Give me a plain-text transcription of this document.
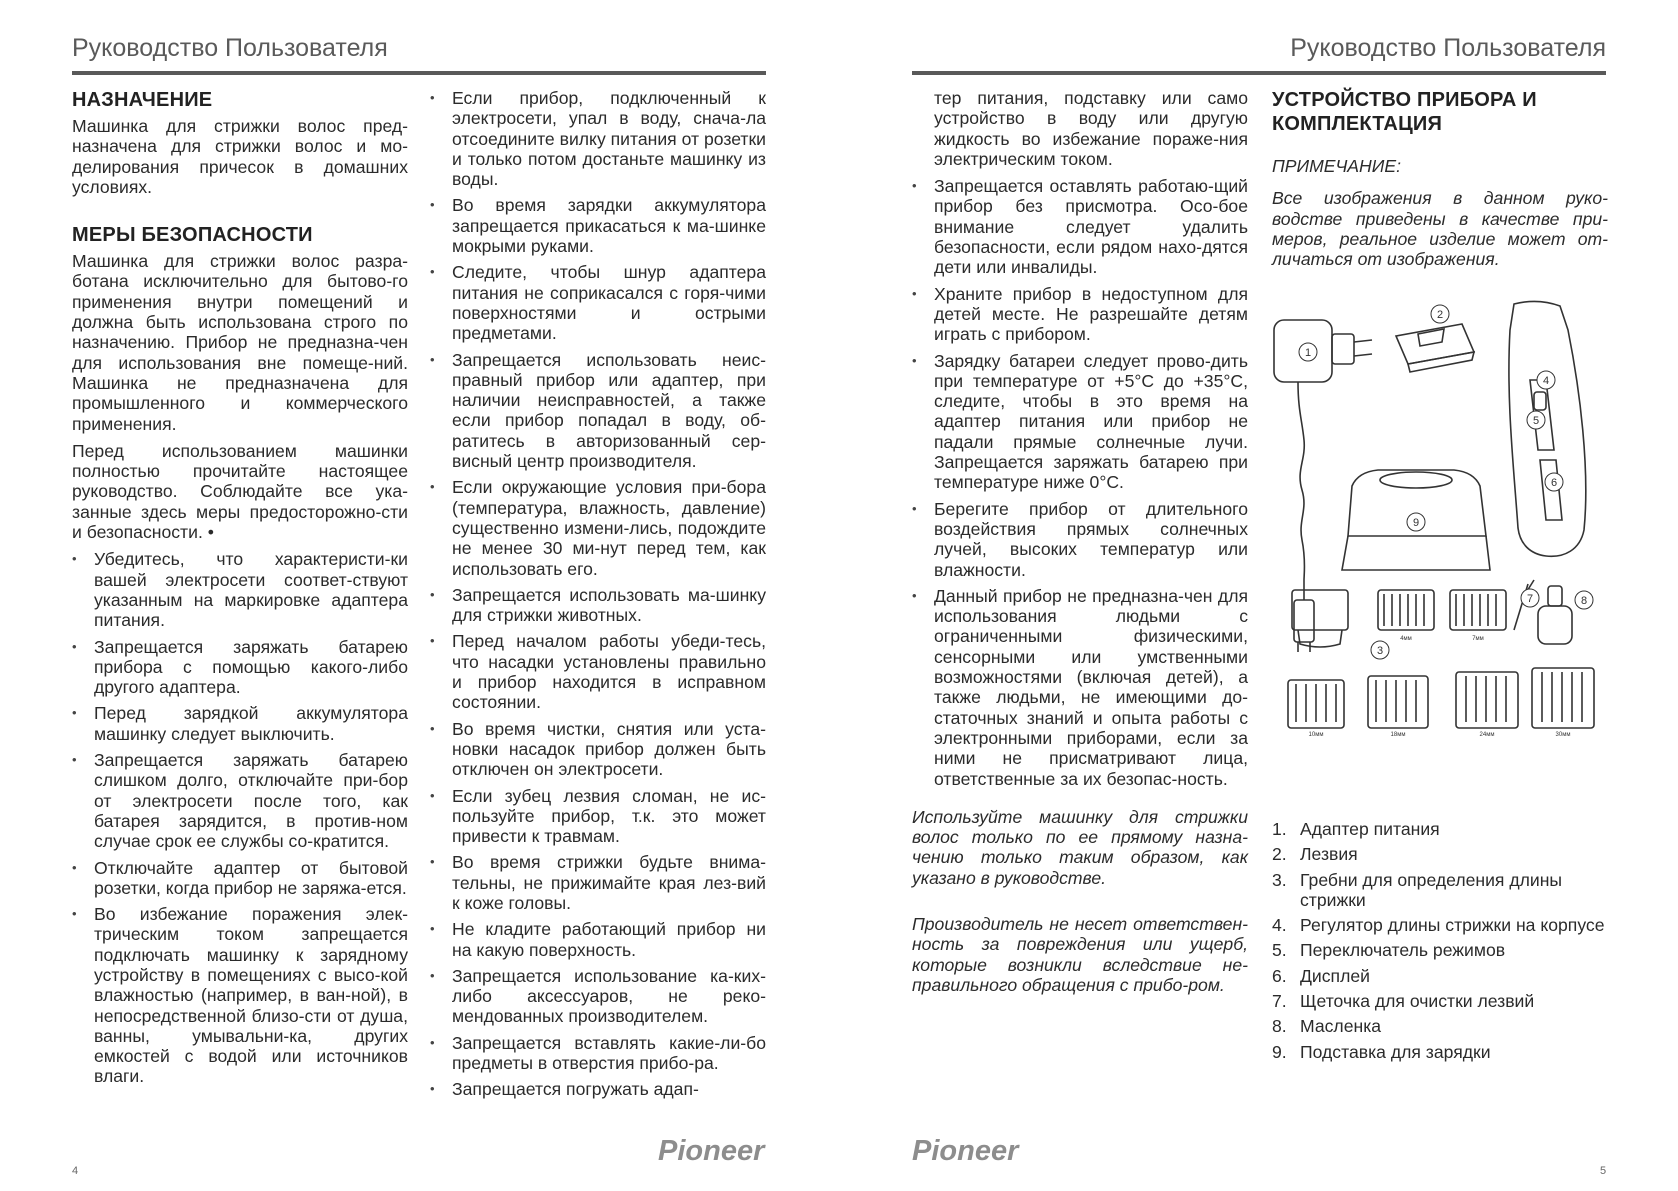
Руководство Пользователя	Руководство Пользователя
НАЗНАЧЕНИЕ

Машинка для стрижки волос пред-назначена для стрижки волос и мо-делирования причесок в домашних условиях.

МЕРЫ БЕЗОПАСНОСТИ

Машинка для стрижки волос разра-ботана исключительно для бытово-го применения внутри помещений и должна быть использована строго по назначению. Прибор не предназна-чен для использования вне помеще-ний. Машинка не предназначена для промышленного и коммерческого применения.

Перед использованием машинки полностью прочитайте настоящее руководство. Соблюдайте все ука-занные здесь меры предосторожно-сти и безопасности. •

• Убедитесь, что характеристи-ки вашей электросети соответ-ствуют указанным на маркировке адаптера питания.
• Запрещается заряжать батарею прибора с помощью какого-либо другого адаптера.
• Перед зарядкой аккумулятора машинку следует выключить.
• Запрещается заряжать батарею слишком долго, отключайте при-бор от электросети после того, как батарея зарядится, в против-ном случае срок ее службы со-кратится.
• Отключайте адаптер от бытовой розетки, когда прибор не заряжа-ется.
• Во избежание поражения элек-трическим током запрещается подключать машинку к зарядному устройству в помещениях с высо-кой влажностью (например, в ван-ной), в непосредственной близо-сти от душа, ванны, умывальни-ка, других емкостей с водой или источников влаги.
• Если прибор, подключенный к электросети, упал в воду, снача-ла отсоедините вилку питания от розетки и только потом достаньте машинку из воды.
• Во время зарядки аккумулятора запрещается прикасаться к ма-шинке мокрыми руками.
• Следите, чтобы шнур адаптера питания не соприкасался с горя-чими поверхностями и острыми предметами.
• Запрещается использовать неис-правный прибор или адаптер, при наличии неисправностей, а также если прибор попадал в воду, об-ратитесь в авторизованный сер-висный центр производителя.
• Если окружающие условия при-бора (температура, влажность, давление) существенно измени-лись, подождите не менее 30 ми-нут перед тем, как использовать его.
• Запрещается использовать ма-шинку для стрижки животных.
• Перед началом работы убеди-тесь, что насадки установлены правильно и прибор находится в исправном состоянии.
• Во время чистки, снятия или уста-новки насадок прибор должен быть отключен он электросети.
• Если зубец лезвия сломан, не ис-пользуйте прибор, т.к. это может привести к травмам.
• Во время стрижки будьте внима-тельны, не прижимайте края лез-вий к коже головы.
• Не кладите работающий прибор ни на какую поверхность.
• Запрещается использование ка-ких-либо аксессуаров, не реко-мендованных производителем.
• Запрещается вставлять какие-ли-бо предметы в отверстия прибо-ра.
• Запрещается погружать адап-

тер питания, подставку или само устройство в воду или другую жидкость во избежание пораже-ния электрическим током.

• Запрещается оставлять работаю-щий прибор без присмотра. Осо-бое внимание следует удалить безопасности, если рядом нахо-дятся дети или инвалиды.
• Храните прибор в недоступном для детей месте. Не разрешайте детям играть с прибором.
• Зарядку батареи следует прово-дить при температуре от +5°С до +35°С, следите, чтобы в это время на адаптер питания или прибор не падали прямые солнечные лучи. Запрещается заряжать батарею при температуре ниже 0°С.
• Берегите прибор от длительного воздействия прямых солнечных лучей, высоких температур или влажности.
• Данный прибор не предназна-чен для использования людьми с ограниченными физическими, сенсорными или умственными возможностями (включая детей), а также людьми, не имеющими до-статочных знаний и опыта работы с электронными приборами, если за ними не присматривают лица, ответственные за их безопас-ность.

Используйте машинку для стрижки волос только по ее прямому назна-чению только таким образом, как указано в руководстве.

Производитель не несет ответствен-ность за повреждения или ущерб, которые возникли вследствие не-правильного обращения с прибо-ром.

УСТРОЙСТВО ПРИБОРА И КОМПЛЕКТАЦИЯ

ПРИМЕЧАНИЕ:

Все изображения в данном руко-водстве приведены в качестве при-меров, реальное изделие может от-личаться от изображения.

1
2
3
4
5
6
7	8
9
4мм	7мм
10мм	18мм	24мм	30мм
1. Адаптер питания
2. Лезвия
3. Гребни для определения длины стрижки
4. Регулятор длины стрижки на корпусе
5. Переключатель режимов
6. Дисплей
7. Щеточка для очистки лезвий
8. Масленка
9. Подставка для зарядки
Pioneer	Pioneer
4	5
